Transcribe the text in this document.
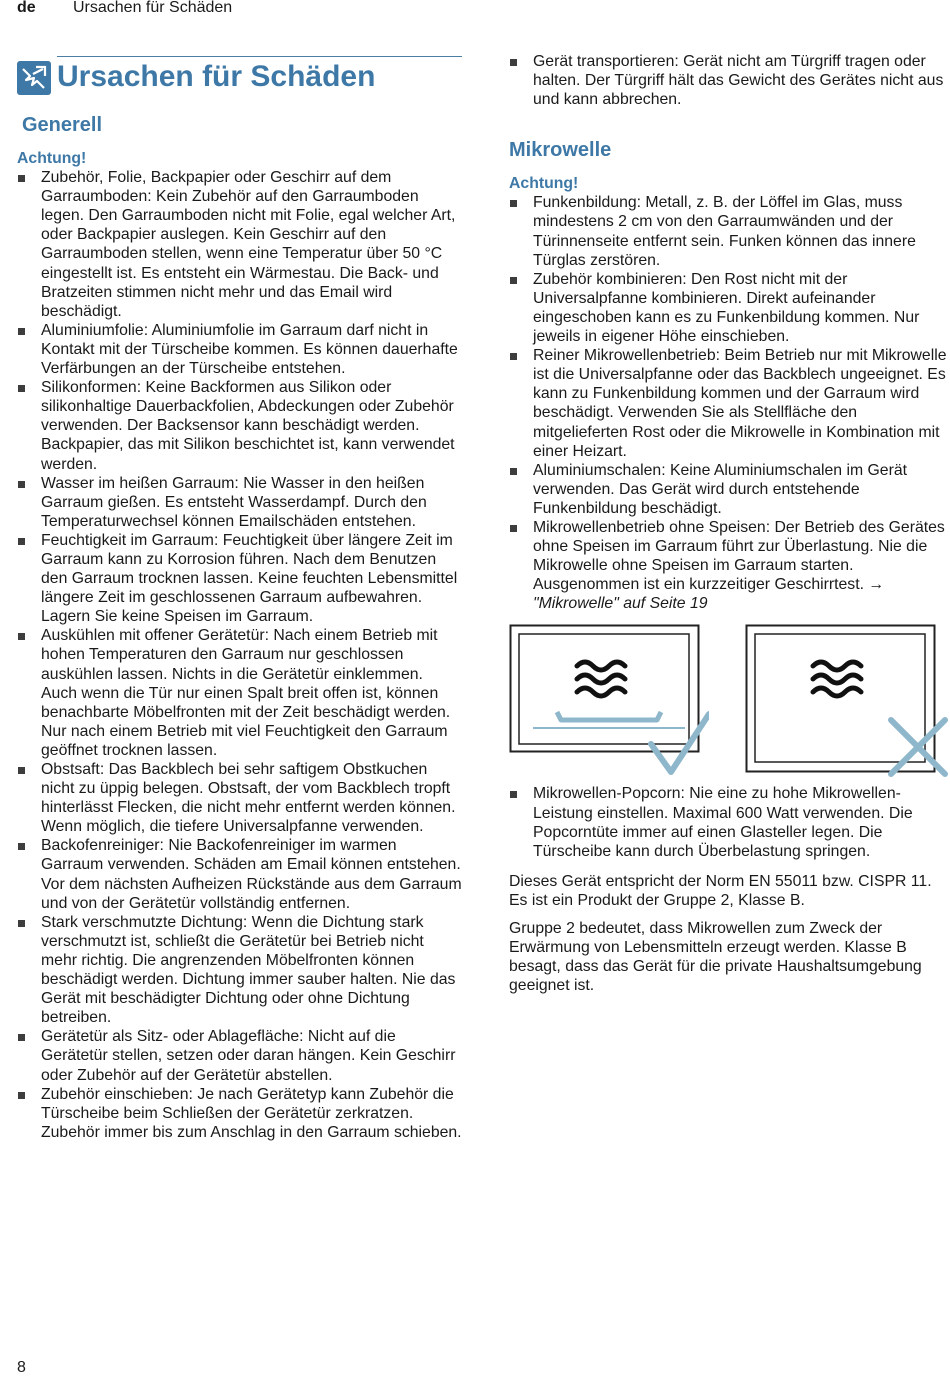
de Ursachen für Schäden
Ursachen für Schäden
Generell
Achtung!
Zubehör, Folie, Backpapier oder Geschirr auf dem Garraumboden: Kein Zubehör auf den Garraumboden legen. Den Garraumboden nicht mit Folie, egal welcher Art, oder Backpapier auslegen. Kein Geschirr auf den Garraumboden stellen, wenn eine Temperatur über 50 °C eingestellt ist. Es entsteht ein Wärmestau. Die Back- und Bratzeiten stimmen nicht mehr und das Email wird beschädigt.
Aluminiumfolie: Aluminiumfolie im Garraum darf nicht in Kontakt mit der Türscheibe kommen. Es können dauerhafte Verfärbungen an der Türscheibe entstehen.
Silikonformen: Keine Backformen aus Silikon oder silikonhaltige Dauerbackfolien, Abdeckungen oder Zubehör verwenden. Der Backsensor kann beschädigt werden.
Backpapier, das mit Silikon beschichtet ist, kann verwendet werden.
Wasser im heißen Garraum: Nie Wasser in den heißen Garraum gießen. Es entsteht Wasserdampf. Durch den Temperaturwechsel können Emailschäden entstehen.
Feuchtigkeit im Garraum: Feuchtigkeit über längere Zeit im Garraum kann zu Korrosion führen. Nach dem Benutzen den Garraum trocknen lassen. Keine feuchten Lebensmittel längere Zeit im geschlossenen Garraum aufbewahren. Lagern Sie keine Speisen im Garraum.
Auskühlen mit offener Gerätetür: Nach einem Betrieb mit hohen Temperaturen den Garraum nur geschlossen auskühlen lassen. Nichts in die Gerätetür einklemmen. Auch wenn die Tür nur einen Spalt breit offen ist, können benachbarte Möbelfronten mit der Zeit beschädigt werden.
Nur nach einem Betrieb mit viel Feuchtigkeit den Garraum geöffnet trocknen lassen.
Obstsaft: Das Backblech bei sehr saftigem Obstkuchen nicht zu üppig belegen. Obstsaft, der vom Backblech tropft hinterlässt Flecken, die nicht mehr entfernt werden können. Wenn möglich, die tiefere Universalpfanne verwenden.
Backofenreiniger: Nie Backofenreiniger im warmen Garraum verwenden. Schäden am Email können entstehen. Vor dem nächsten Aufheizen Rückstände aus dem Garraum und von der Gerätetür vollständig entfernen.
Stark verschmutzte Dichtung: Wenn die Dichtung stark verschmutzt ist, schließt die Gerätetür bei Betrieb nicht mehr richtig. Die angrenzenden Möbelfronten können beschädigt werden. Dichtung immer sauber halten. Nie das Gerät mit beschädigter Dichtung oder ohne Dichtung betreiben.
Gerätetür als Sitz- oder Ablagefläche: Nicht auf die Gerätetür stellen, setzen oder daran hängen. Kein Geschirr oder Zubehör auf der Gerätetür abstellen.
Zubehör einschieben: Je nach Gerätetyp kann Zubehör die Türscheibe beim Schließen der Gerätetür zerkratzen. Zubehör immer bis zum Anschlag in den Garraum schieben.
Gerät transportieren: Gerät nicht am Türgriff tragen oder halten. Der Türgriff hält das Gewicht des Gerätes nicht aus und kann abbrechen.
Mikrowelle
Achtung!
Funkenbildung: Metall, z. B. der Löffel im Glas, muss mindestens 2 cm von den Garraumwänden und der Türinnenseite entfernt sein. Funken können das innere Türglas zerstören.
Zubehör kombinieren: Den Rost nicht mit der Universalpfanne kombinieren. Direkt aufeinander eingeschoben kann es zu Funkenbildung kommen. Nur jeweils in eigener Höhe einschieben.
Reiner Mikrowellenbetrieb: Beim Betrieb nur mit Mikrowelle ist die Universalpfanne oder das Backblech ungeeignet. Es kann zu Funkenbildung kommen und der Garraum wird beschädigt. Verwenden Sie als Stellfläche den mitgelieferten Rost oder die Mikrowelle in Kombination mit einer Heizart.
Aluminiumschalen: Keine Aluminiumschalen im Gerät verwenden. Das Gerät wird durch entstehende Funkenbildung beschädigt.
Mikrowellenbetrieb ohne Speisen: Der Betrieb des Gerätes ohne Speisen im Garraum führt zur Überlastung. Nie die Mikrowelle ohne Speisen im Garraum starten. Ausgenommen ist ein kurzzeitiger Geschirrtest. → "Mikrowelle" auf Seite 19
Mikrowellen-Popcorn: Nie eine zu hohe Mikrowellen-Leistung einstellen. Maximal 600 Watt verwenden. Die Popcorntüte immer auf einen Glasteller legen. Die Türscheibe kann durch Überbelastung springen.

Dieses Gerät entspricht der Norm EN 55011 bzw. CISPR 11. Es ist ein Produkt der Gruppe 2, Klasse B.

Gruppe 2 bedeutet, dass Mikrowellen zum Zweck der Erwärmung von Lebensmitteln erzeugt werden. Klasse B besagt, dass das Gerät für die private Haushaltsumgebung geeignet ist.

8
